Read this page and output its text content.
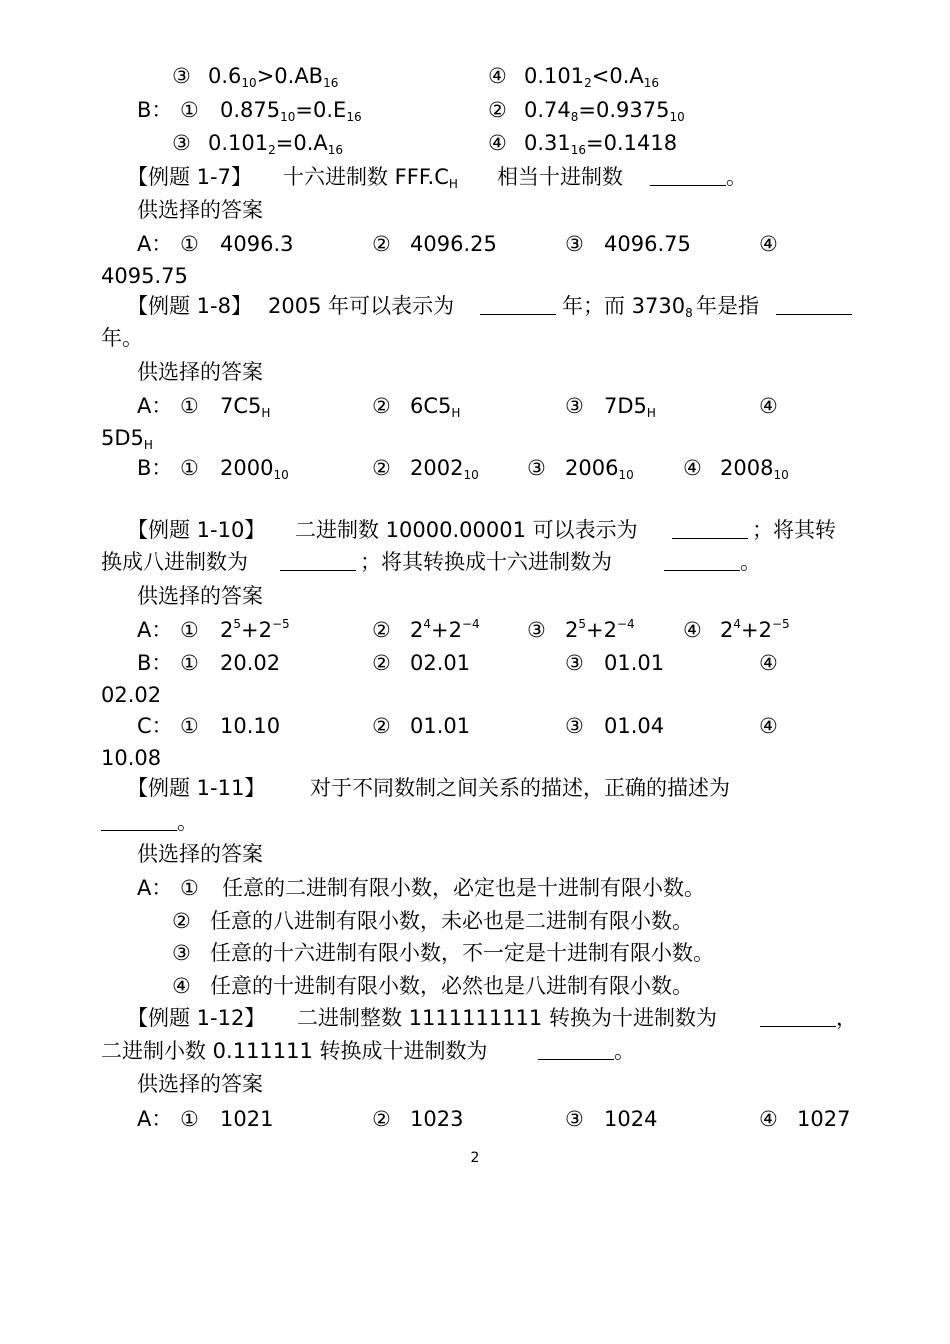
③ $0.6_{10}>0.AB_{16}$	④ $0.101_2<0.A_{16}$
B： ① $0.875_{10}=0.E_{16}$	② $0.74_8=0.9375_{10}$
③ $0.101_2=0.A_{16}$	④ $0.31_{16}=0.1418$
【例题 1-7】 十六进制数 $FFF.C_H$ 相当十进制数	。
供选择的答案
A： ① 4096.3	② 4096.25	③ 4096.75	④
4095.75
【例题 1-8】 2005 年可以表示为	年；而 $3730_8$ 年是指
年。
供选择的答案
A： ① $7C5_H$	② $6C5_H$	③ $7D5_H$	④
$5D5_H$
B： ① $2000_{10}$	② $2002_{10}$ ③ $2006_{10}$ ④ $2008_{10}$
【例题 1-10】 二进制数 10000.00001 可以表示为	；将其转
换成八进制数为	；将其转换成十六进制数为	。
供选择的答案
A： ① $2^5+2^{-5}$	② $2^4+2^{-4}$ ③ $2^5+2^{-4}$ ④ $2^4+2^{-5}$
B： ① 20.02	② 02.01	③ 01.01	④
02.02
C： ① 10.10	② 01.01	③ 01.04	④
10.08
【例题 1-11】 对于不同数制之间关系的描述，正确的描述为
。
供选择的答案
A： ① 任意的二进制有限小数，必定也是十进制有限小数。
② 任意的八进制有限小数，未必也是二进制有限小数。
③ 任意的十六进制有限小数，不一定是十进制有限小数。
④ 任意的十进制有限小数，必然也是八进制有限小数。
【例题 1-12】 二进制整数 1111111111 转换为十进制数为	，
二进制小数 0.111111 转换成十进制数为	。
供选择的答案
A： ① 1021	② 1023	③ 1024	④ 1027
2
